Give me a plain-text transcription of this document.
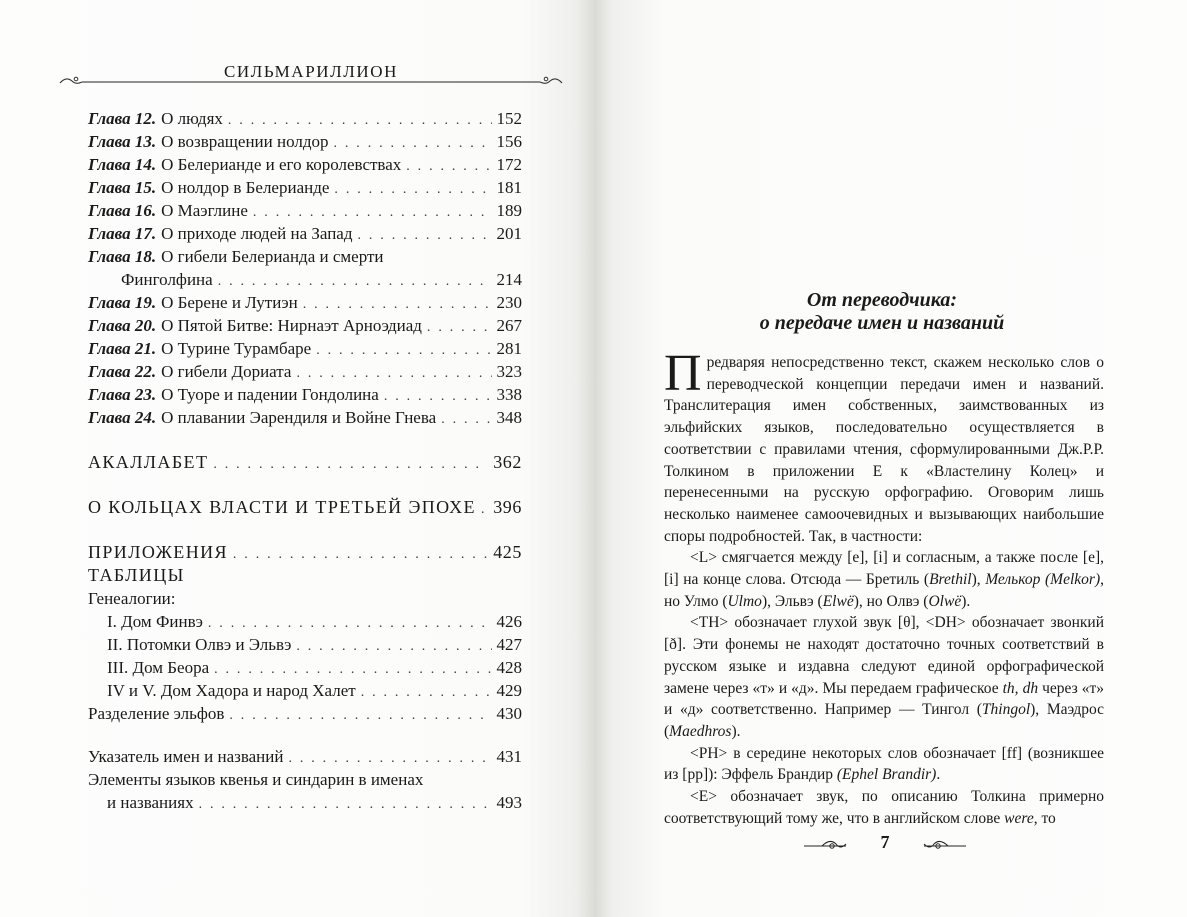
СИЛЬМАРИЛЛИОН
Глава 12. О людях . . .	152
Глава 13. О возвращении нолдор . . .	156
Глава 14. О Белерианде и его королевствах . . .	172
Глава 15. О нолдор в Белерианде . . .	181
Глава 16. О Маэглине . . .	189
Глава 17. О приходе людей на Запад . . .	201
Глава 18. О гибели Белерианда и смерти
Финголфина . . .	214
Глава 19. О Берене и Лутиэн . . .	230
Глава 20. О Пятой Битве: Нирнаэт Арноэдиад . . .	267
Глава 21. О Турине Турамбаре . . .	281
Глава 22. О гибели Дориата . . .	323
Глава 23. О Туоре и падении Гондолина . . .	338
Глава 24. О плавании Эарендиля и Войне Гнева . . .	348
АКАЛЛАБЕТ . . .	362
О КОЛЬЦАХ ВЛАСТИ И ТРЕТЬЕЙ ЭПОХЕ . . . 396
ПРИЛОЖЕНИЯ . . .	425
ТАБЛИЦЫ
Генеалогии:
I. Дом Финвэ . . .	426
II. Потомки Олвэ и Эльвэ . . .	427
III. Дом Беора . . .	428
IV и V. Дом Хадора и народ Халет . . .	429
Разделение эльфов . . .	430
Указатель имен и названий . . .	431
Элементы языков квенья и синдарин в именах
и названиях . . .	493
От переводчика:
о передаче имен и названий

Предваряя непосредственно текст, скажем несколько слов о переводческой концепции передачи имен и названий. Транслитерация имен собственных, заимствованных из эльфийских языков, последовательно осуществляется в соответствии с правилами чтения, сформулированными Дж.Р.Р. Толкином в приложении Е к «Властелину Колец» и перенесенными на русскую орфографию. Оговорим лишь несколько наименее самоочевидных и вызывающих наибольшие споры подробностей. Так, в частности:

<L> смягчается между [e], [i] и согласным, а также после [e], [i] на конце слова. Отсюда — Бретиль (Brethil), Мелькор (Melkor), но Улмо (Ulmo), Эльвэ (Elwë), но Олвэ (Olwë).

<TH> обозначает глухой звук [θ], <DH> обозначает звонкий [ð]. Эти фонемы не находят достаточно точных соответствий в русском языке и издавна следуют единой орфографической замене через «т» и «д». Мы передаем графическое th, dh через «т» и «д» соответственно. Например — Тингол (Thingol), Маэдрос (Maedhros).

<PH> в середине некоторых слов обозначает [ff] (возникшее из [pp]): Эффель Брандир (Ephel Brandir).

<E> обозначает звук, по описанию Толкина примерно соответствующий тому же, что в английском слове were, то

7
